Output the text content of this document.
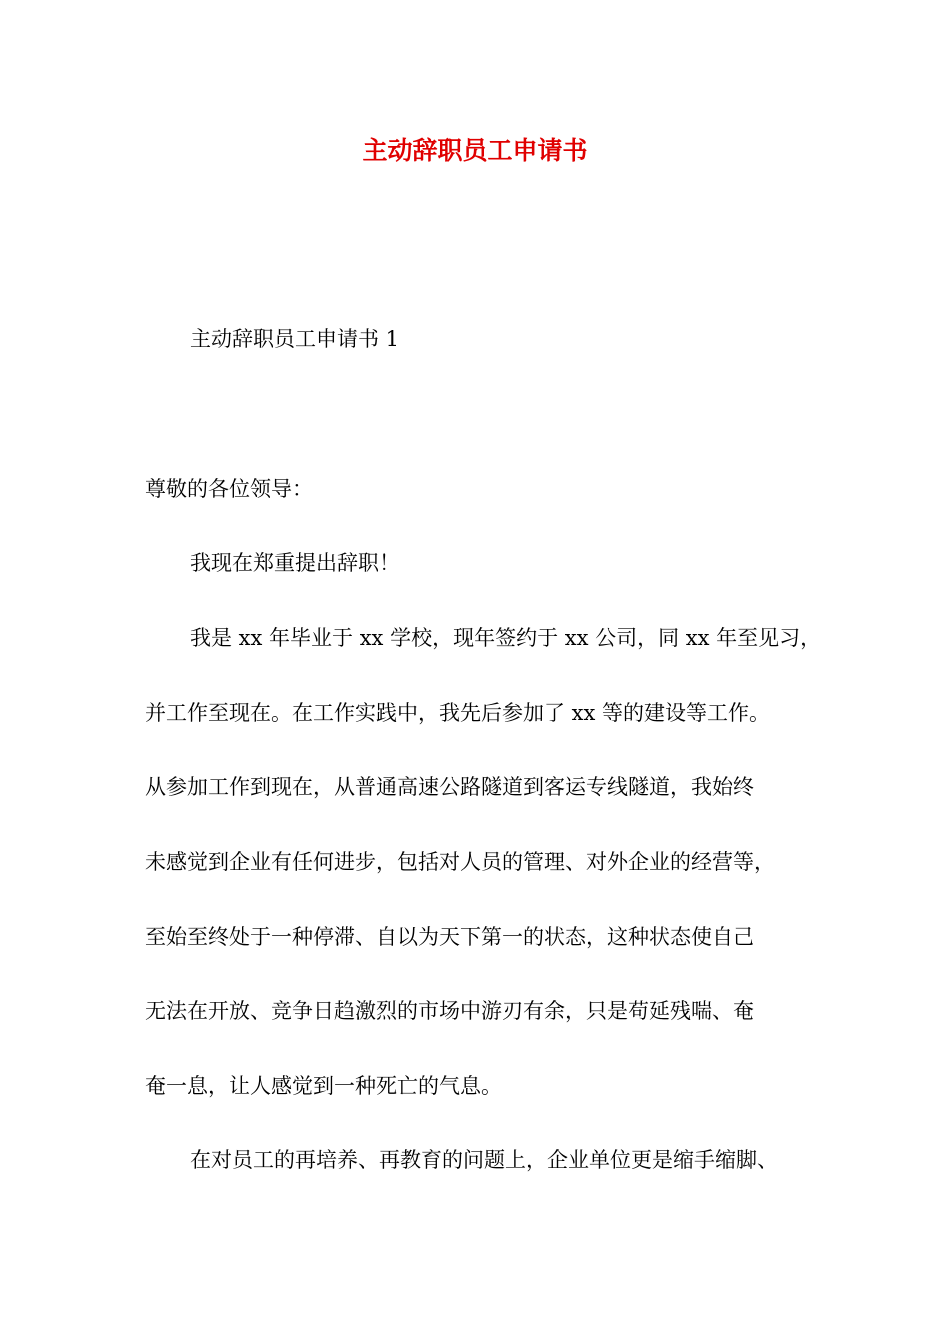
主动辞职员工申请书
主动辞职员工申请书 1
尊敬的各位领导：
我现在郑重提出辞职！
我是 xx 年毕业于 xx 学校，现年签约于 xx 公司，同 xx 年至见习，
并工作至现在。在工作实践中，我先后参加了 xx 等的建设等工作。
从参加工作到现在，从普通高速公路隧道到客运专线隧道，我始终
未感觉到企业有任何进步，包括对人员的管理、对外企业的经营等，
至始至终处于一种停滞、自以为天下第一的状态，这种状态使自己
无法在开放、竞争日趋激烈的市场中游刃有余，只是苟延残喘、奄
奄一息，让人感觉到一种死亡的气息。
在对员工的再培养、再教育的问题上，企业单位更是缩手缩脚、
